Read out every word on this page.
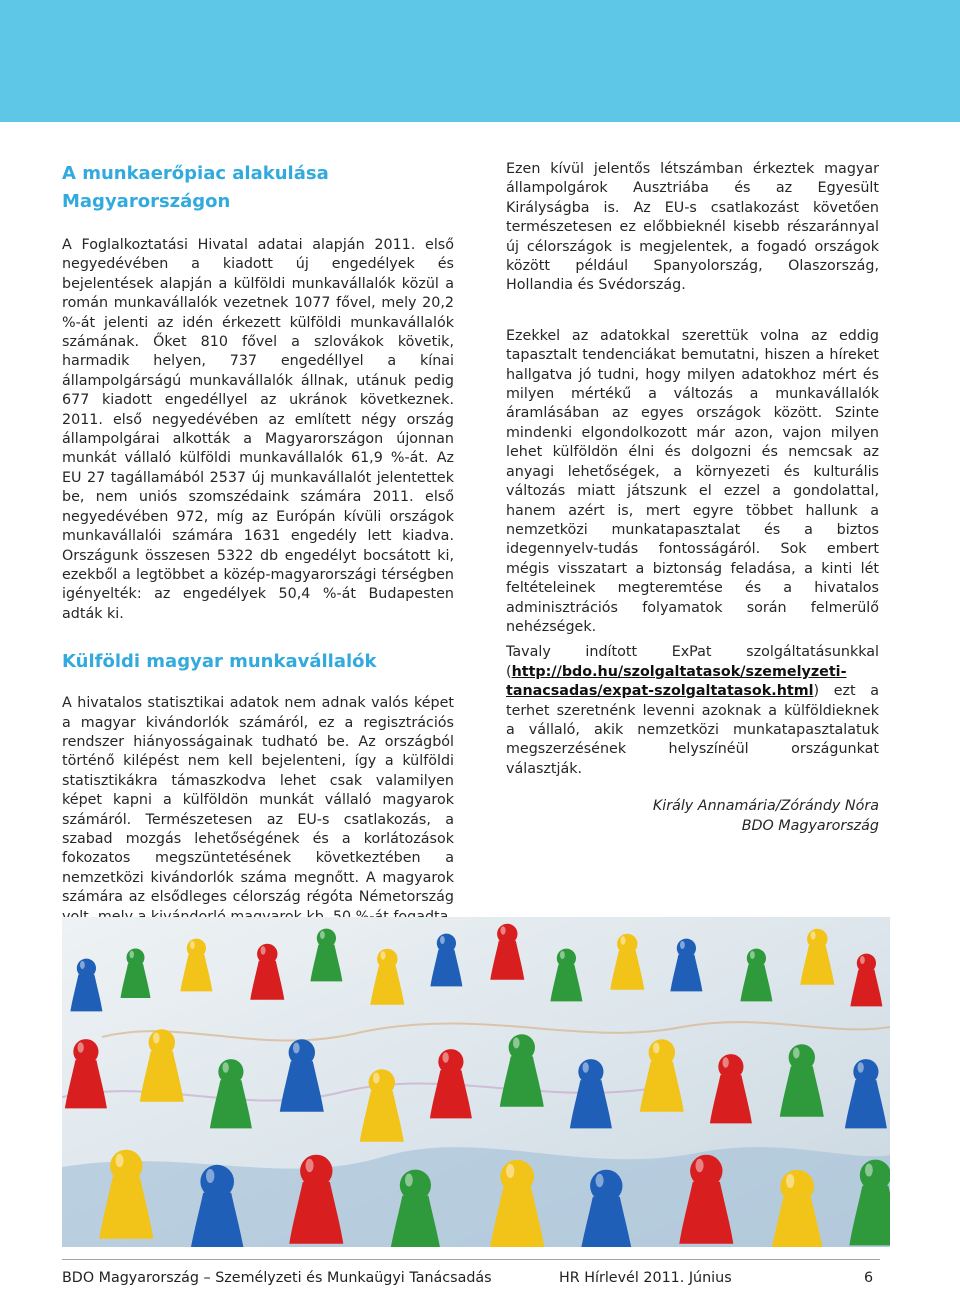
A munkaerőpiac alakulása Magyarországon

A Foglalkoztatási Hivatal adatai alapján 2011. első negyedévében a kiadott új engedélyek és bejelentések alapján a külföldi munkavállalók közül a román munkavállalók vezetnek 1077 fővel, mely 20,2 %-át jelenti az idén érkezett külföldi munkavállalók számának. Őket 810 fővel a szlovákok követik, harmadik helyen, 737 engedéllyel a kínai állampolgárságú munkavállalók állnak, utánuk pedig 677 kiadott engedéllyel az ukránok következnek. 2011. első negyedévében az említett négy ország állampolgárai alkották a Magyarországon újonnan munkát vállaló külföldi munkavállalók 61,9 %-át. Az EU 27 tagállamából 2537 új munkavállalót jelentettek be, nem uniós szomszédaink számára 2011. első negyedévében 972, míg az Európán kívüli országok munkavállalói számára 1631 engedély lett kiadva. Országunk összesen 5322 db engedélyt bocsátott ki, ezekből a legtöbbet a közép-magyarországi térségben igényelték: az engedélyek 50,4 %-át Budapesten adták ki.

Külföldi magyar munkavállalók

A hivatalos statisztikai adatok nem adnak valós képet a magyar kivándorlók számáról, ez a regisztrációs rendszer hiányosságainak tudható be. Az országból történő kilépést nem kell bejelenteni, így a külföldi statisztikákra támaszkodva lehet csak valamilyen képet kapni a külföldön munkát vállaló magyarok számáról. Természetesen az EU-s csatlakozás, a szabad mozgás lehetőségének és a korlátozások fokozatos megszüntetésének következtében a nemzetközi kivándorlók száma megnőtt. A magyarok számára az elsődleges célország régóta Németország

Ezen kívül jelentős létszámban érkeztek magyar állampolgárok Ausztriába és az Egyesült Királyságba is. Az EU-s csatlakozást követően természetesen ez előbbieknél kisebb részaránnyal új célországok is megjelentek, a fogadó országok között például Spanyolország, Olaszország, Hollandia és Svédország.

Ezekkel az adatokkal szerettük volna az eddig tapasztalt tendenciákat bemutatni, hiszen a híreket hallgatva jó tudni, hogy milyen adatokhoz mért és milyen mértékű a változás a munkavállalók áramlásában az egyes országok között. Szinte mindenki elgondolkozott már azon, vajon milyen lehet külföldön élni és dolgozni és nemcsak az anyagi lehetőségek, a környezeti és kulturális változás miatt játszunk el ezzel a gondolattal, hanem azért is, mert egyre többet hallunk a nemzetközi munkatapasztalat és a biztos idegennyelv-tudás fontosságáról. Sok embert mégis visszatart a biztonság feladása, a kinti lét feltételeinek megteremtése és a hivatalos adminisztrációs folyamatok során felmerülő nehézségek.

Tavaly indított ExPat szolgáltatásunkkal (http://bdo.hu/szolgaltatasok/szemelyzeti-tanacsadas/expat-szolgaltatasok.html) ezt a terhet szeretnénk levenni azoknak a külföldieknek a vállaló, akik nemzetközi munkatapasztalatuk megszerzésének helyszínéül országunkat választják.

Király Annamária/Zórándy Nóra
BDO Magyarország
BDO Magyarország – Személyzeti és Munkaügyi Tanácsadás	HR Hírlevél 2011. Június	6
